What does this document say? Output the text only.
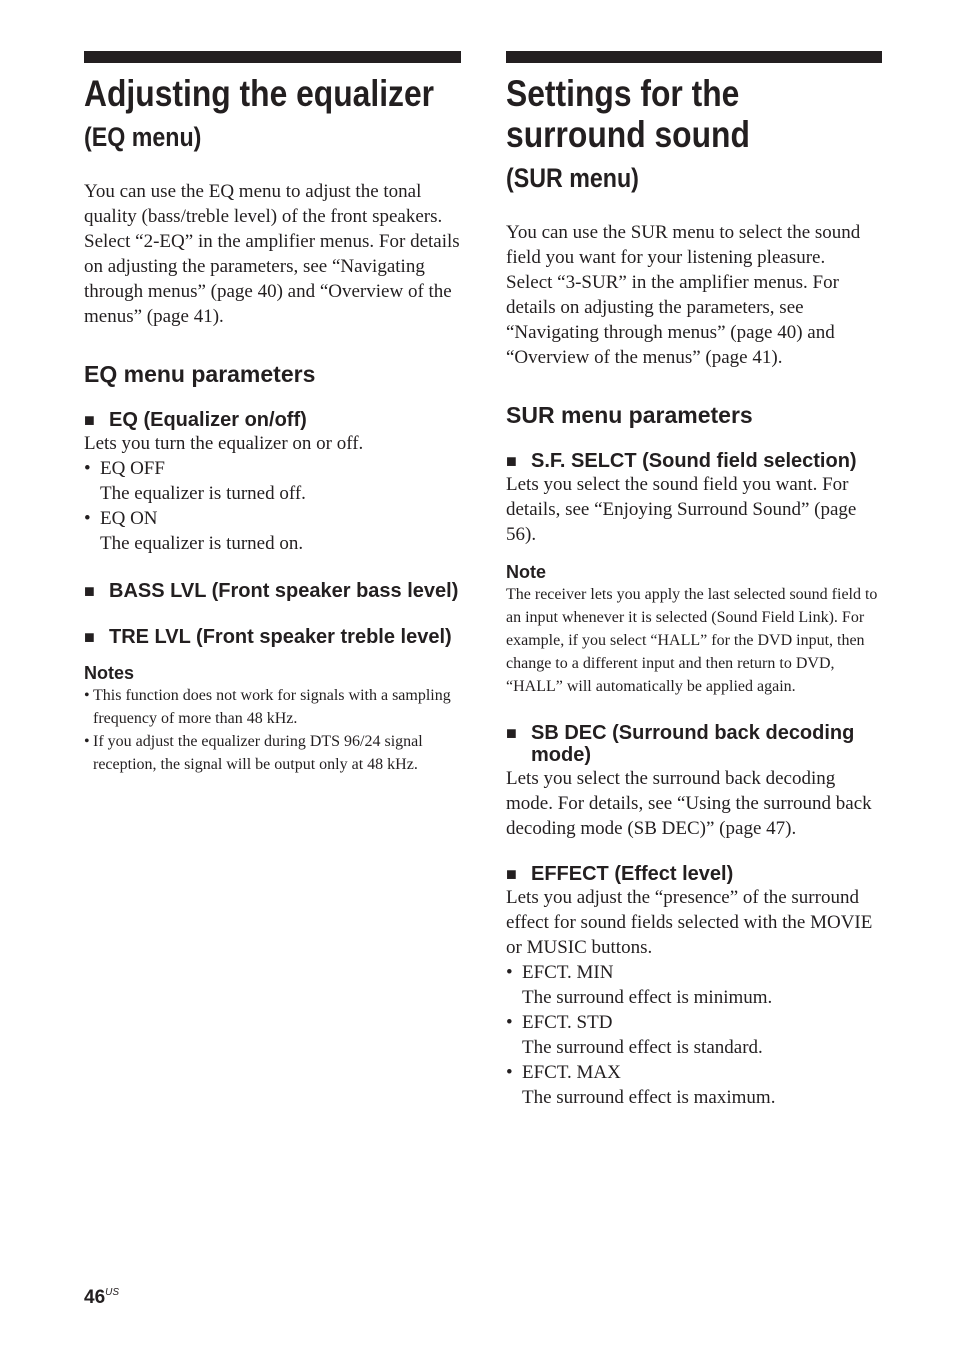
Adjusting the equalizer
(EQ menu)

You can use the EQ menu to adjust the tonal quality (bass/treble level) of the front speakers.

Select “2-EQ” in the amplifier menus. For details on adjusting the parameters, see “Navigating through menus” (page 40) and “Overview of the menus” (page 41).

EQ menu parameters
■ EQ (Equalizer on/off)

Lets you turn the equalizer on or off.

• EQ OFF
The equalizer is turned off.
• EQ ON
The equalizer is turned on.
■ BASS LVL (Front speaker bass level)
■ TRE LVL (Front speaker treble level)
Notes
• This function does not work for signals with a sampling frequency of more than 48 kHz.
• If you adjust the equalizer during DTS 96/24 signal reception, the signal will be output only at 48 kHz.
Settings for the surround sound
(SUR menu)

You can use the SUR menu to select the sound field you want for your listening pleasure.

Select “3-SUR” in the amplifier menus. For details on adjusting the parameters, see “Navigating through menus” (page 40) and “Overview of the menus” (page 41).

SUR menu parameters
■ S.F. SELCT (Sound field selection)

Lets you select the sound field you want. For details, see “Enjoying Surround Sound” (page 56).

Note

The receiver lets you apply the last selected sound field to an input whenever it is selected (Sound Field Link). For example, if you select “HALL” for the DVD input, then change to a different input and then return to DVD, “HALL” will automatically be applied again.

■ SB DEC (Surround back decoding mode)

Lets you select the surround back decoding mode. For details, see “Using the surround back decoding mode (SB DEC)” (page 47).

■ EFFECT (Effect level)

Lets you adjust the “presence” of the surround effect for sound fields selected with the MOVIE or MUSIC buttons.

• EFCT. MIN
The surround effect is minimum.
• EFCT. STD
The surround effect is standard.
• EFCT. MAX
The surround effect is maximum.
$46^{US}$
